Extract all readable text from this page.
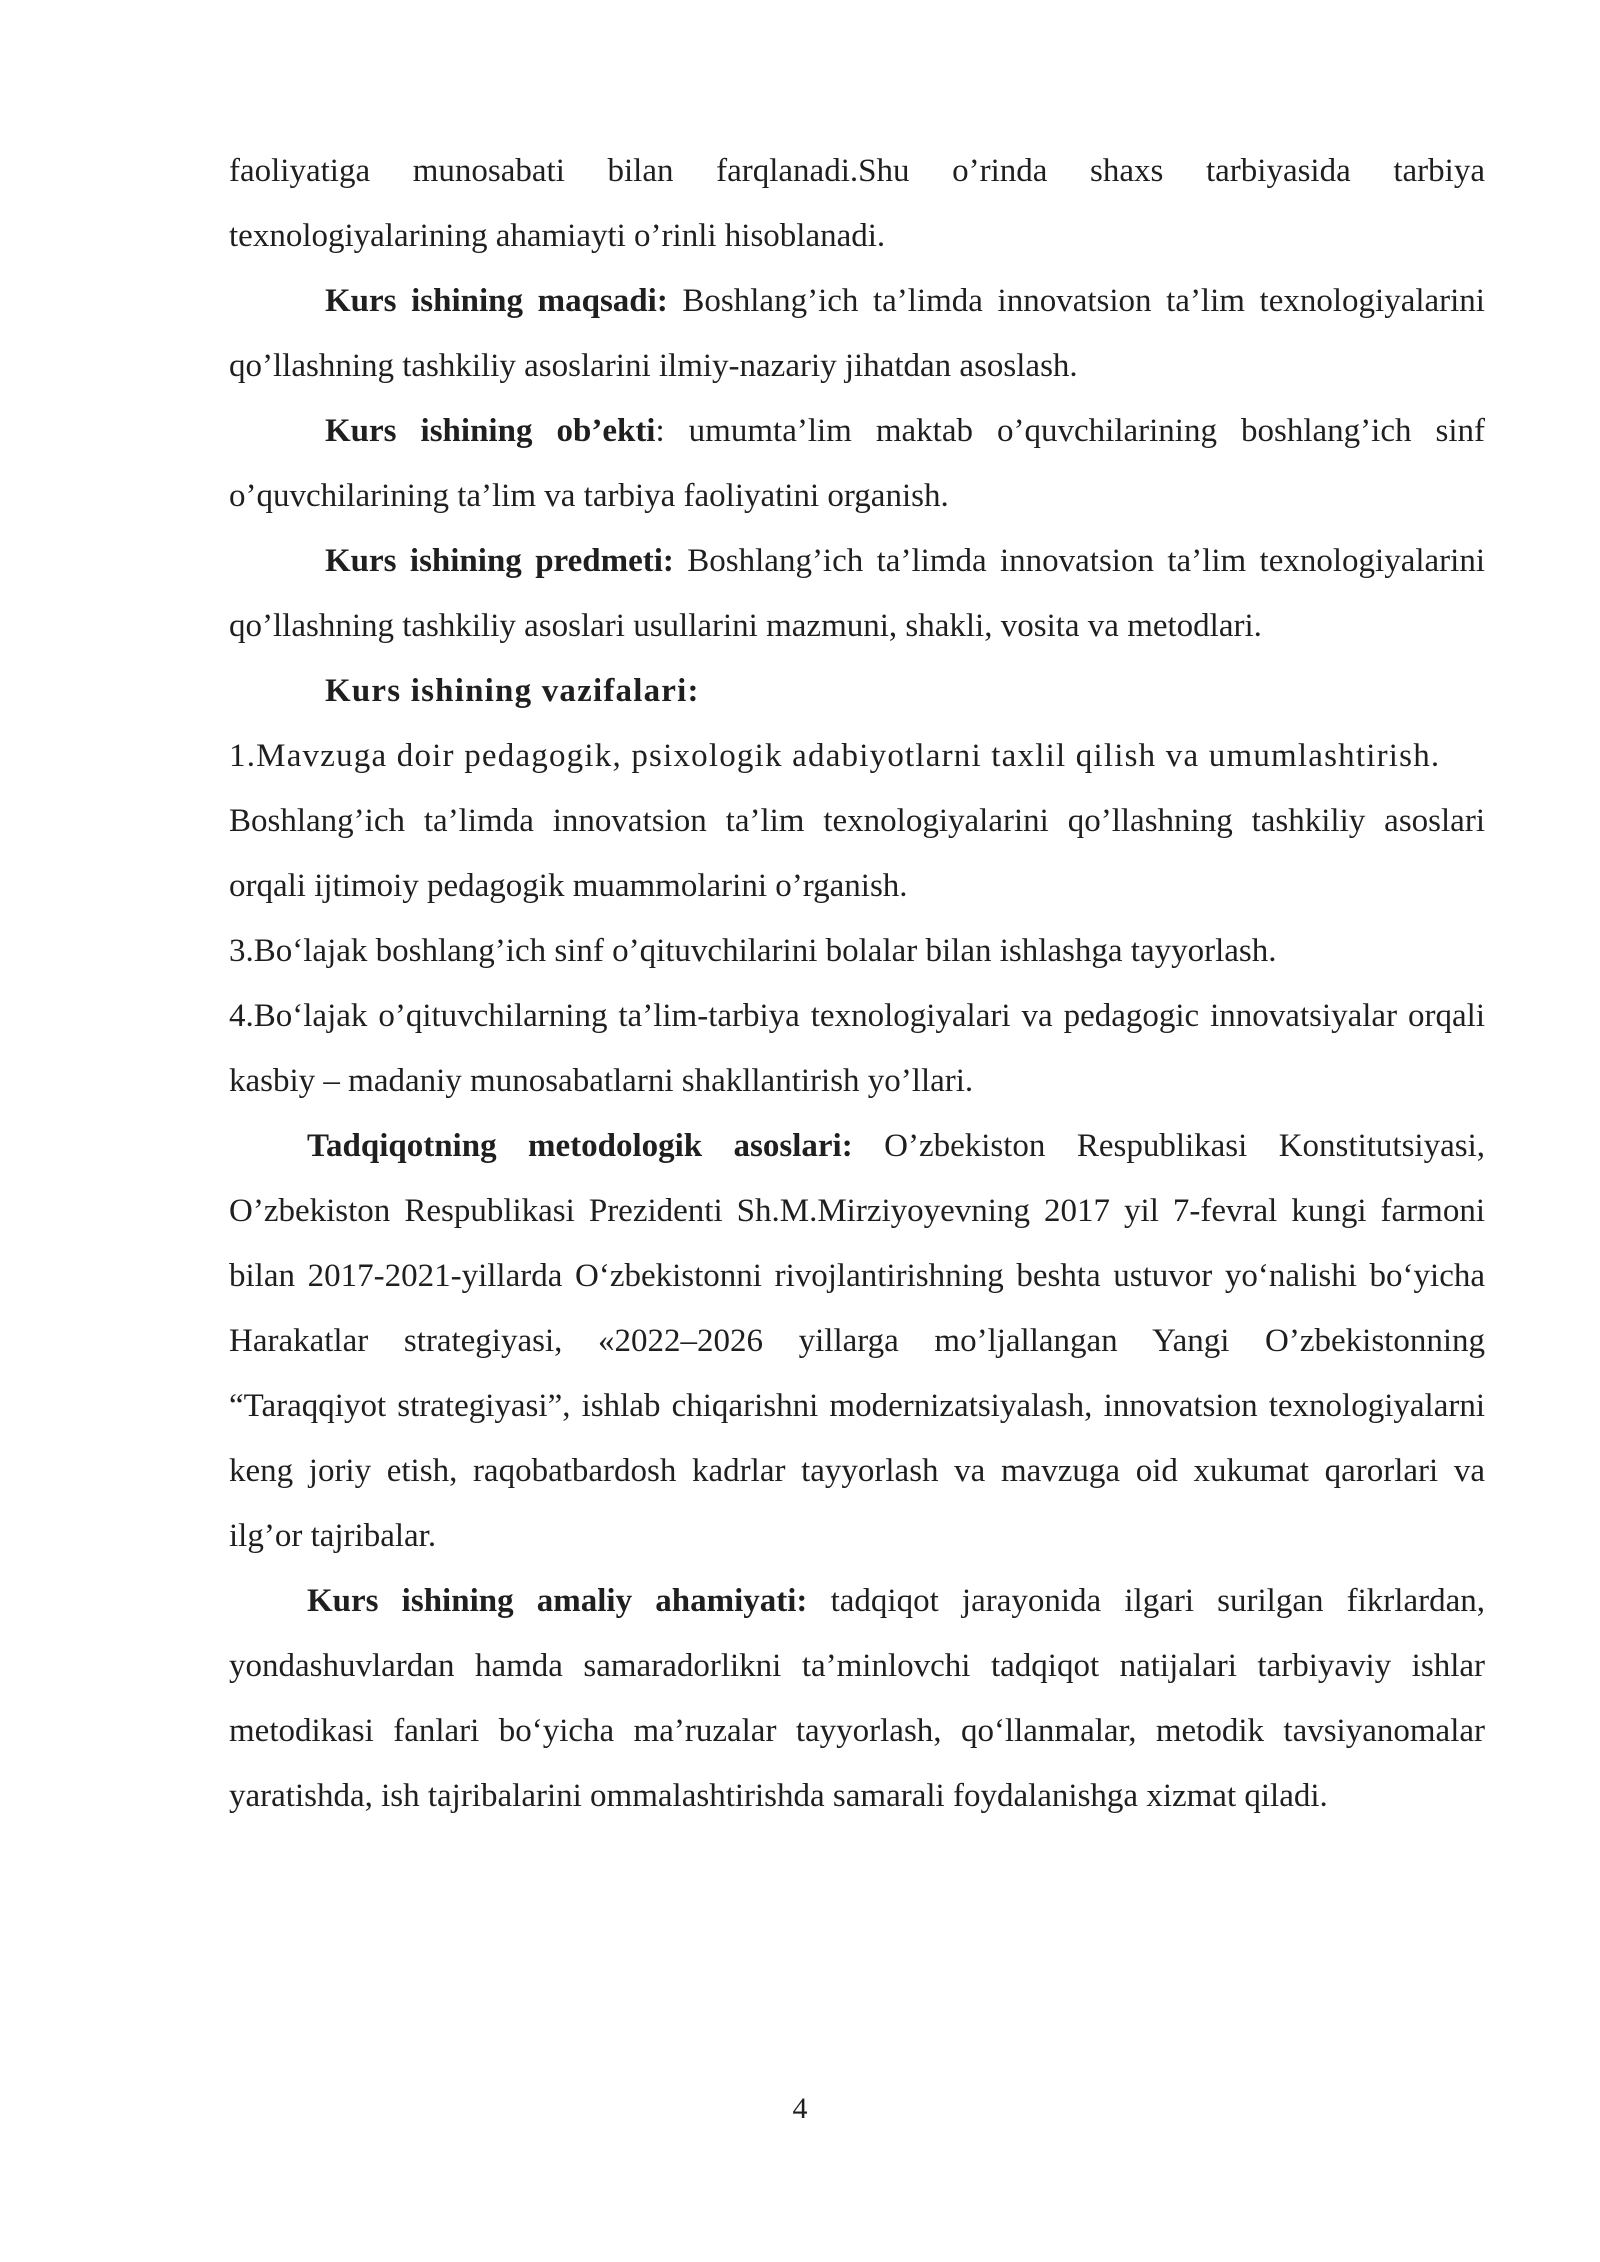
faoliyatiga munosabati bilan farqlanadi.Shu o’rinda shaxs tarbiyasida tarbiya texnologiyalarining ahamiayti o’rinli hisoblanadi.

Kurs ishining maqsadi: Boshlang’ich ta’limda innovatsion ta’lim texnologiyalarini qo’llashning tashkiliy asoslarini ilmiy-nazariy jihatdan asoslash.

Kurs ishining ob’ekti: umumta’lim maktab o’quvchilarining boshlang’ich sinf o’quvchilarining ta’lim va tarbiya faoliyatini organish.

Kurs ishining predmeti: Boshlang’ich ta’limda innovatsion ta’lim texnologiyalarini qo’llashning tashkiliy asoslari usullarini mazmuni, shakli, vosita va metodlari.

Kurs ishining vazifalari:

1.Mavzuga doir pedagogik, psixologik adabiyotlarni taxlil qilish va umumlashtirish.

Boshlang’ich ta’limda innovatsion ta’lim texnologiyalarini qo’llashning tashkiliy asoslari orqali ijtimoiy pedagogik muammolarini o’rganish.

3.Bo‘lajak boshlang’ich sinf o’qituvchilarini bolalar bilan ishlashga tayyorlash.

4.Bo‘lajak o’qituvchilarning ta’lim-tarbiya texnologiyalari va pedagogic innovatsiyalar orqali kasbiy – madaniy munosabatlarni shakllantirish yo’llari.

Tadqiqotning metodologik asoslari: O’zbekiston Respublikasi Konstitutsiyasi, O’zbekiston Respublikasi Prezidenti Sh.M.Mirziyoyevning 2017 yil 7-fevral kungi farmoni bilan 2017-2021-yillarda O‘zbekistonni rivojlantirishning beshta ustuvor yo‘nalishi bo‘yicha Harakatlar strategiyasi, «2022–2026 yillarga mo’ljallangan Yangi O’zbekistonning “Taraqqiyot strategiyasi”, ishlab chiqarishni modernizatsiyalash, innovatsion texnologiyalarni keng joriy etish, raqobatbardosh kadrlar tayyorlash va mavzuga oid xukumat qarorlari va ilg’or tajribalar.

Kurs ishining amaliy ahamiyati: tadqiqot jarayonida ilgari surilgan fikrlardan, yondashuvlardan hamda samaradorlikni ta’minlovchi tadqiqot natijalari tarbiyaviy ishlar metodikasi fanlari bo‘yicha ma’ruzalar tayyorlash, qo‘llanmalar, metodik tavsiyanomalar yaratishda, ish tajribalarini ommalashtirishda samarali foydalanishga xizmat qiladi.

4
